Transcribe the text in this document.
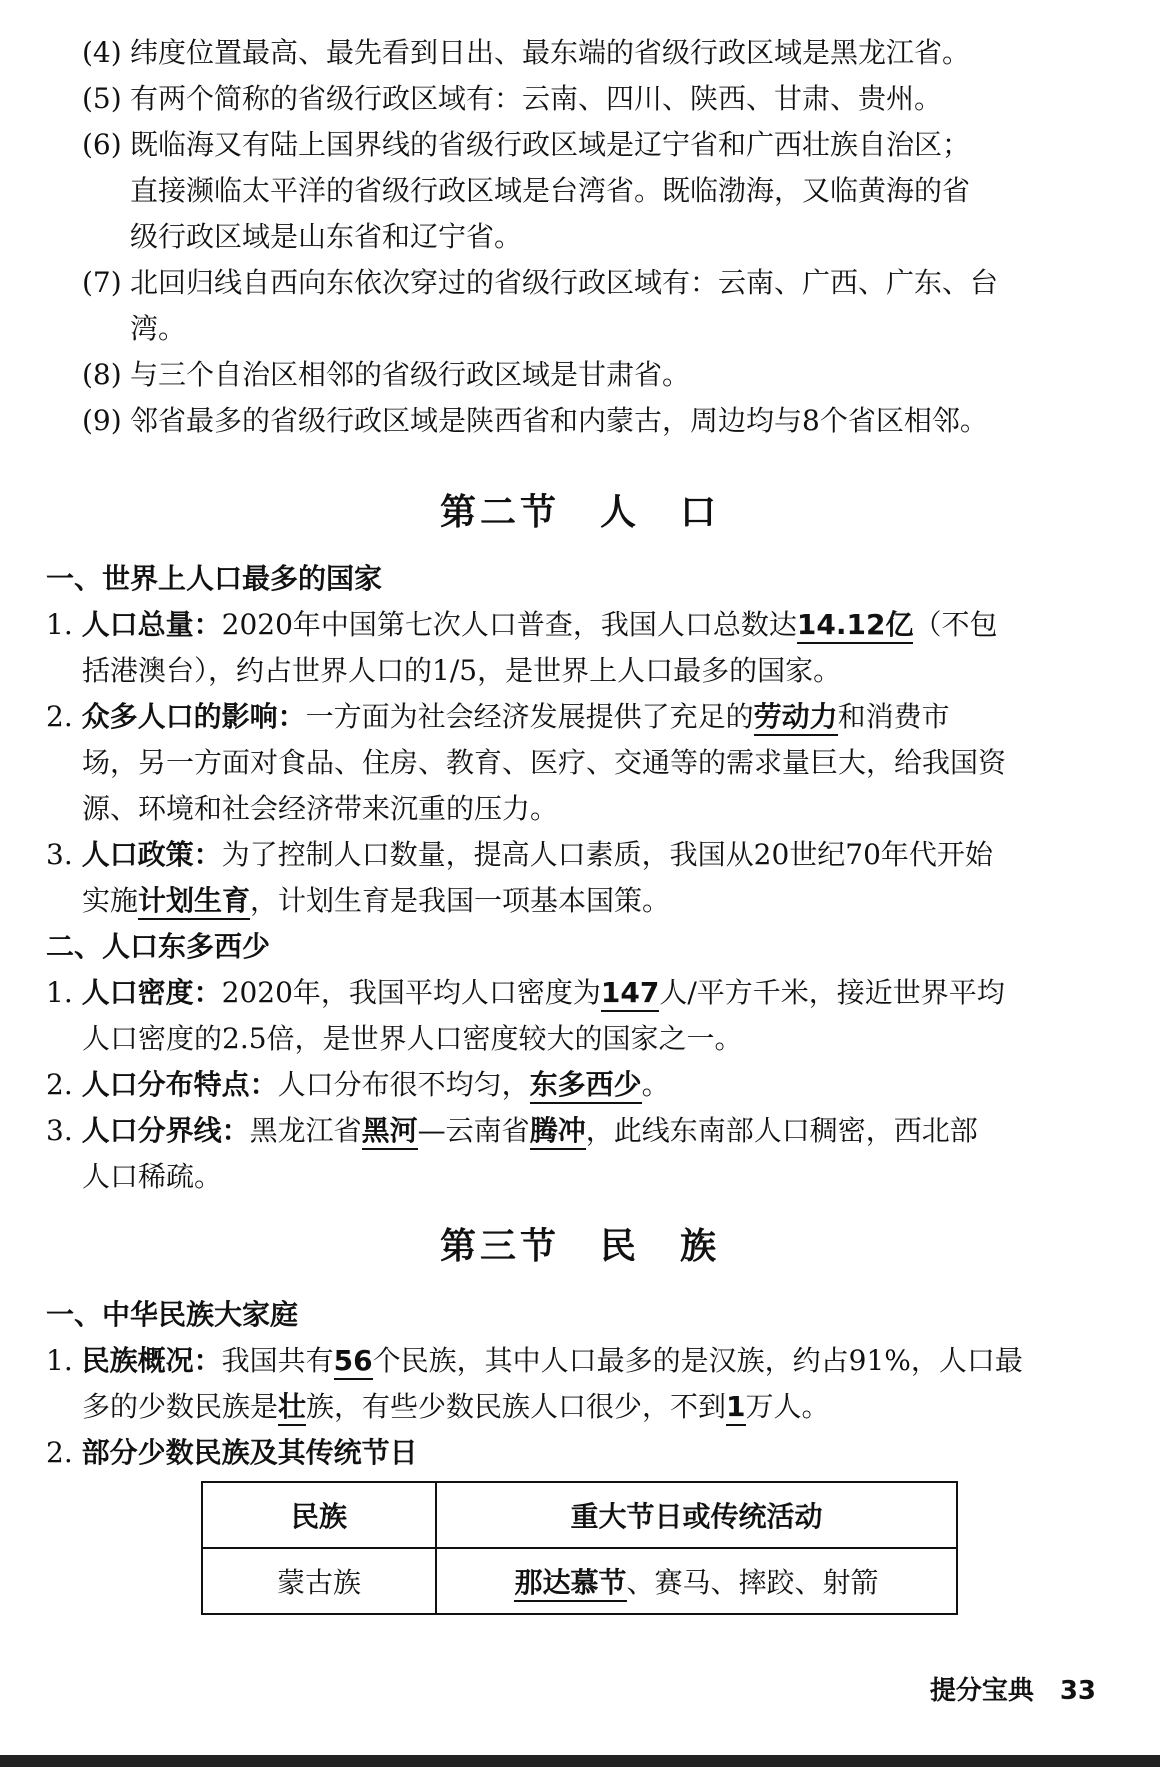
(4) 纬度位置最高、最先看到日出、最东端的省级行政区域是黑龙江省。

(5) 有两个简称的省级行政区域有：云南、四川、陕西、甘肃、贵州。

(6) 既临海又有陆上国界线的省级行政区域是辽宁省和广西壮族自治区；

直接濒临太平洋的省级行政区域是台湾省。既临渤海，又临黄海的省

级行政区域是山东省和辽宁省。

(7) 北回归线自西向东依次穿过的省级行政区域有：云南、广西、广东、台

湾。

(8) 与三个自治区相邻的省级行政区域是甘肃省。

(9) 邻省最多的省级行政区域是陕西省和内蒙古，周边均与8个省区相邻。

第二节　人　口

一、世界上人口最多的国家

1. 人口总量：2020年中国第七次人口普查，我国人口总数达14.12亿（不包

括港澳台），约占世界人口的1/5，是世界上人口最多的国家。

2. 众多人口的影响：一方面为社会经济发展提供了充足的劳动力和消费市

场，另一方面对食品、住房、教育、医疗、交通等的需求量巨大，给我国资

源、环境和社会经济带来沉重的压力。

3. 人口政策：为了控制人口数量，提高人口素质，我国从20世纪70年代开始

实施计划生育，计划生育是我国一项基本国策。

二、人口东多西少

1. 人口密度：2020年，我国平均人口密度为147人/平方千米，接近世界平均

人口密度的2.5倍，是世界人口密度较大的国家之一。

2. 人口分布特点：人口分布很不均匀，东多西少。

3. 人口分界线：黑龙江省黑河—云南省腾冲，此线东南部人口稠密，西北部

人口稀疏。

第三节　民　族

一、中华民族大家庭

1. 民族概况：我国共有56个民族，其中人口最多的是汉族，约占91%，人口最

多的少数民族是壮族，有些少数民族人口很少，不到1万人。

2. 部分少数民族及其传统节日

民族	重大节日或传统活动
蒙古族	那达慕节、赛马、摔跤、射箭
提分宝典　33
